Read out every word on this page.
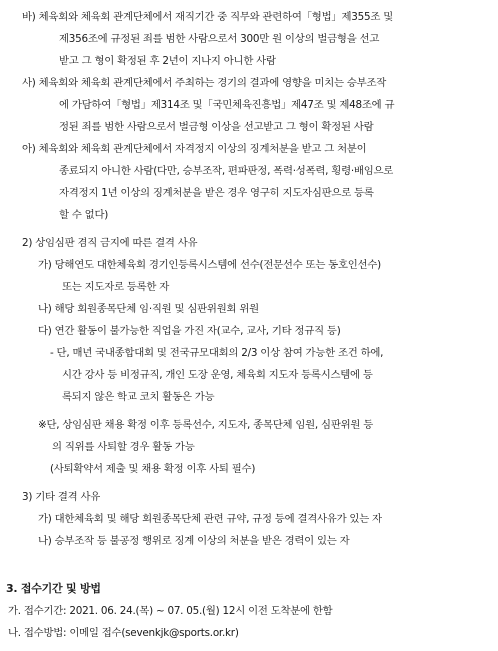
바) 체육회와 체육회 관계단체에서 재직기간 중 직무와 관련하여「형법」제355조 및
제356조에 규정된 죄를 범한 사람으로서 300만 원 이상의 벌금형을 선고
받고 그 형이 확정된 후 2년이 지나지 아니한 사람
사) 체육회와 체육회 관계단체에서 주최하는 경기의 결과에 영향을 미치는 승부조작
에 가담하여「형법」제314조 및「국민체육진흥법」제47조 및 제48조에 규
정된 죄를 범한 사람으로서 벌금형 이상을 선고받고 그 형이 확정된 사람
아) 체육회와 체육회 관계단체에서 자격정지 이상의 징계처분을 받고 그 처분이
종료되지 아니한 사람(다만, 승부조작, 편파판정, 폭력·성폭력, 횡령·배임으로
자격정지 1년 이상의 징계처분을 받은 경우 영구히 지도자심판으로 등록
할 수 없다)
2) 상임심판 겸직 금지에 따른 결격 사유
가) 당해연도 대한체육회 경기인등록시스템에 선수(전문선수 또는 동호인선수)
또는 지도자로 등록한 자
나) 해당 회원종목단체 임·직원 및 심판위원회 위원
다) 연간 활동이 불가능한 직업을 가진 자(교수, 교사, 기타 정규직 등)
- 단, 매년 국내종합대회 및 전국규모대회의 2/3 이상 참여 가능한 조건 하에,
시간 강사 등 비정규직, 개인 도장 운영, 체육회 지도자 등록시스템에 등
록되지 않은 학교 코치 활동은 가능
※단, 상임심판 채용 확정 이후 등록선수, 지도자, 종목단체 임원, 심판위원 등
의 직위를 사퇴할 경우 활동 가능
(사퇴확약서 제출 및 채용 확정 이후 사퇴 필수)
3) 기타 결격 사유
가) 대한체육회 및 해당 회원종목단체 관련 규약, 규정 등에 결격사유가 있는 자
나) 승부조작 등 불공정 행위로 징계 이상의 처분을 받은 경력이 있는 자
3. 접수기간 및 방법
가. 접수기간: 2021. 06. 24.(목) ~ 07. 05.(월) 12시 이전 도착분에 한함
나. 접수방법: 이메일 접수(sevenkjk@sports.or.kr)
